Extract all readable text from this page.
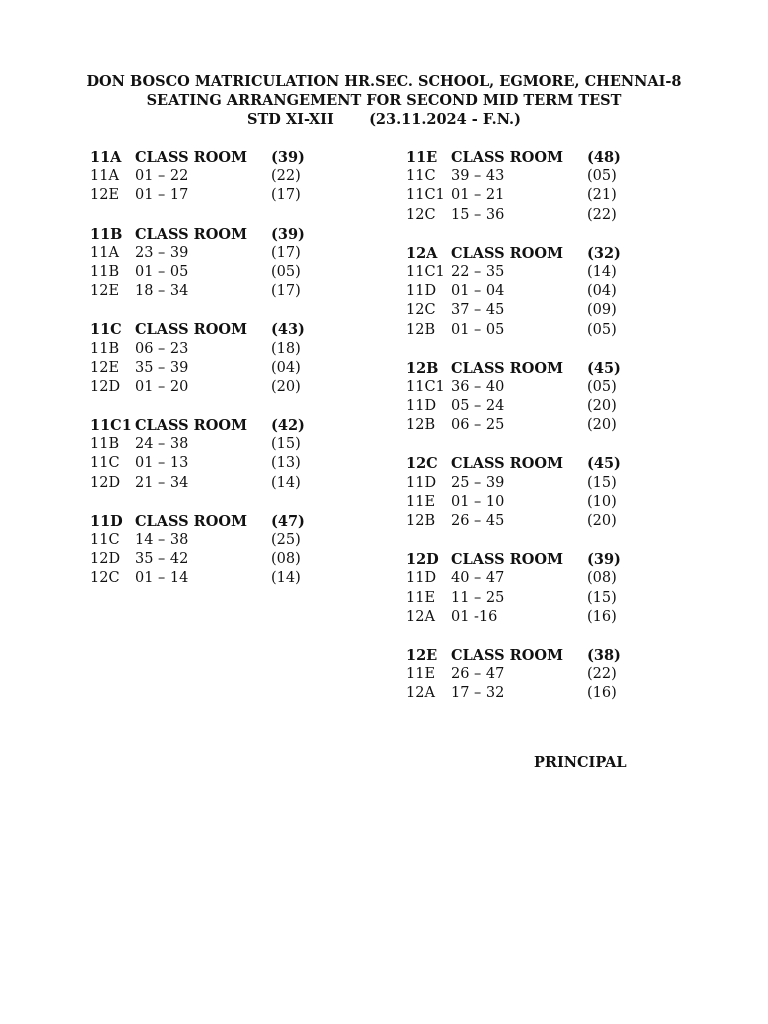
DON BOSCO MATRICULATION HR.SEC. SCHOOL, EGMORE, CHENNAI-8
SEATING ARRANGEMENT FOR SECOND MID TERM TEST
STD XI-XII       (23.11.2024 - F.N.)
11A CLASS ROOM	(39)
11A	01 – 22	(22)
12E	01 – 17	(17)
11B CLASS ROOM	(39)
11A	23 – 39	(17)
11B	01 – 05	(05)
12E	18 – 34	(17)
11C CLASS ROOM	(43)
11B	06 – 23	(18)
12E	35 – 39	(04)
12D	01 – 20	(20)
11C1 CLASS ROOM	(42)
11B	24 – 38	(15)
11C	01 – 13	(13)
12D	21 – 34	(14)
11D CLASS ROOM	(47)
11C	14 – 38	(25)
12D	35 – 42	(08)
12C	01 – 14	(14)
11E CLASS ROOM	(48)
11C	39 – 43	(05)
11C1 01 – 21	(21)
12C	15 – 36	(22)
12A CLASS ROOM	(32)
11C1 22 – 35	(14)
11D	01 – 04	(04)
12C	37 – 45	(09)
12B	01 – 05	(05)
12B CLASS ROOM	(45)
11C1 36 – 40	(05)
11D	05 – 24	(20)
12B	06 – 25	(20)
12C CLASS ROOM	(45)
11D	25 – 39	(15)
11E	01 – 10	(10)
12B	26 – 45	(20)
12D CLASS ROOM	(39)
11D	40 – 47	(08)
11E	11 – 25	(15)
12A	01 -16	(16)
12E CLASS ROOM	(38)
11E	26 – 47	(22)
12A	17 – 32	(16)
PRINCIPAL
